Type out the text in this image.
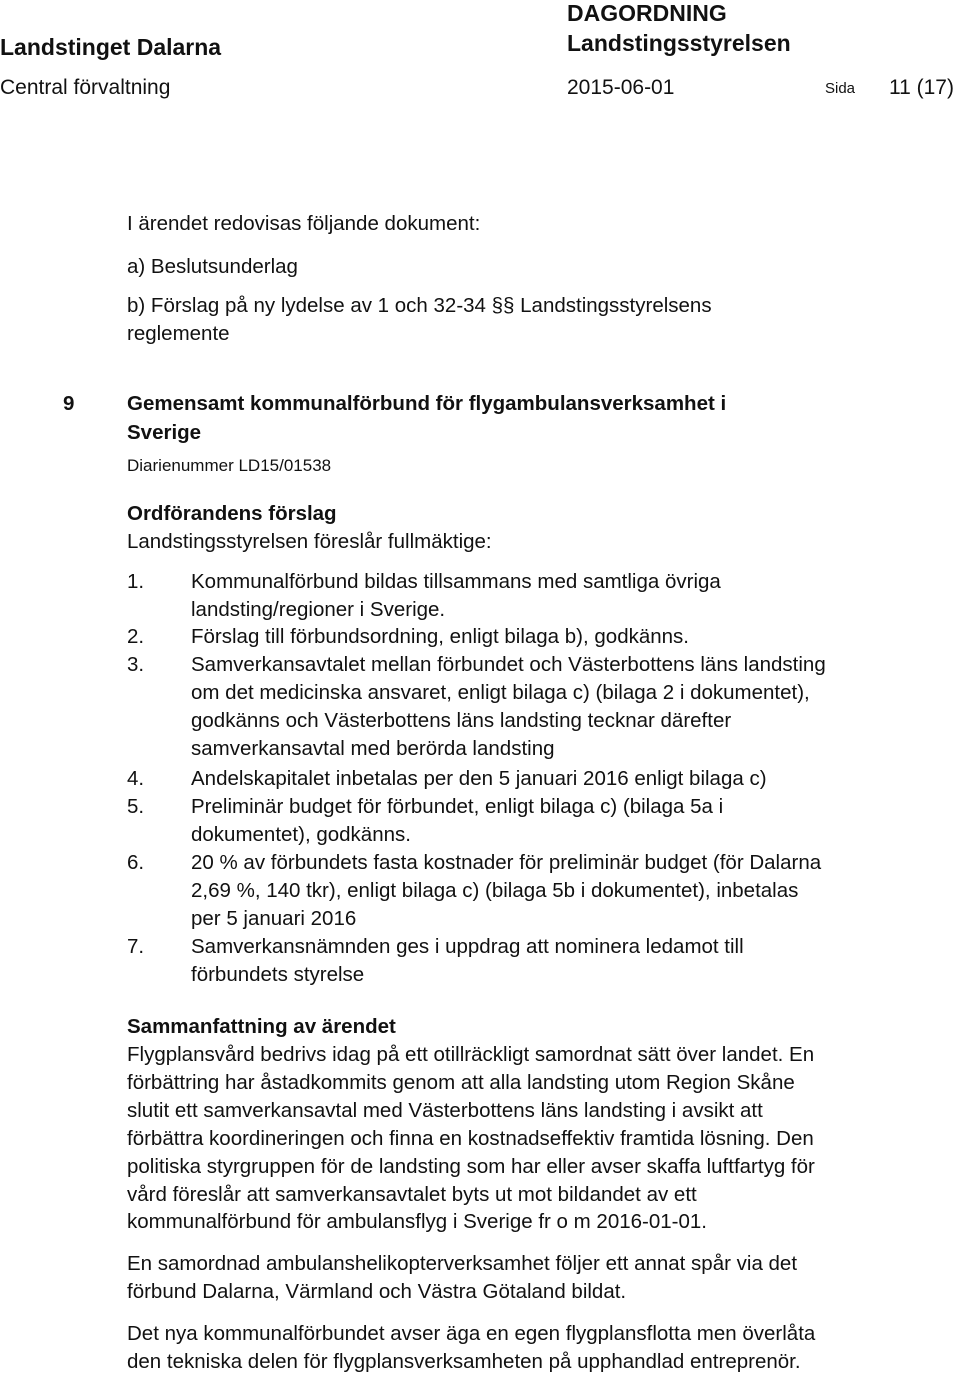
Landstinget Dalarna
DAGORDNING
Landstingsstyrelsen
Central förvaltning	2015-06-01	Sida 11 (17)
I ärendet redovisas följande dokument:
a) Beslutsunderlag
b) Förslag på ny lydelse av 1 och 32-34 §§ Landstingsstyrelsens
reglemente
9	Gemensamt kommunalförbund för flygambulansverksamhet i
Sverige
Diarienummer LD15/01538
Ordförandens förslag
Landstingsstyrelsen föreslår fullmäktige:
1. Kommunalförbund bildas tillsammans med samtliga övriga
landsting/regioner i Sverige.
2. Förslag till förbundsordning, enligt bilaga b), godkänns.
3. Samverkansavtalet mellan förbundet och Västerbottens läns landsting
om det medicinska ansvaret, enligt bilaga c) (bilaga 2 i dokumentet),
godkänns och Västerbottens läns landsting tecknar därefter
samverkansavtal med berörda landsting
4. Andelskapitalet inbetalas per den 5 januari 2016 enligt bilaga c)
5. Preliminär budget för förbundet, enligt bilaga c) (bilaga 5a i
dokumentet), godkänns.
6. 20 % av förbundets fasta kostnader för preliminär budget (för Dalarna
2,69 %, 140 tkr), enligt bilaga c) (bilaga 5b i dokumentet), inbetalas
per 5 januari 2016
7. Samverkansnämnden ges i uppdrag att nominera ledamot till
förbundets styrelse
Sammanfattning av ärendet
Flygplansvård bedrivs idag på ett otillräckligt samordnat sätt över landet. En
förbättring har åstadkommits genom att alla landsting utom Region Skåne
slutit ett samverkansavtal med Västerbottens läns landsting i avsikt att
förbättra koordineringen och finna en kostnadseffektiv framtida lösning. Den
politiska styrgruppen för de landsting som har eller avser skaffa luftfartyg för
vård föreslår att samverkansavtalet byts ut mot bildandet av ett
kommunalförbund för ambulansflyg i Sverige fr o m 2016-01-01.
En samordnad ambulanshelikopterverksamhet följer ett annat spår via det
förbund Dalarna, Värmland och Västra Götaland bildat.
Det nya kommunalförbundet avser äga en egen flygplansflotta men överlåta
den tekniska delen för flygplansverksamheten på upphandlad entreprenör.
